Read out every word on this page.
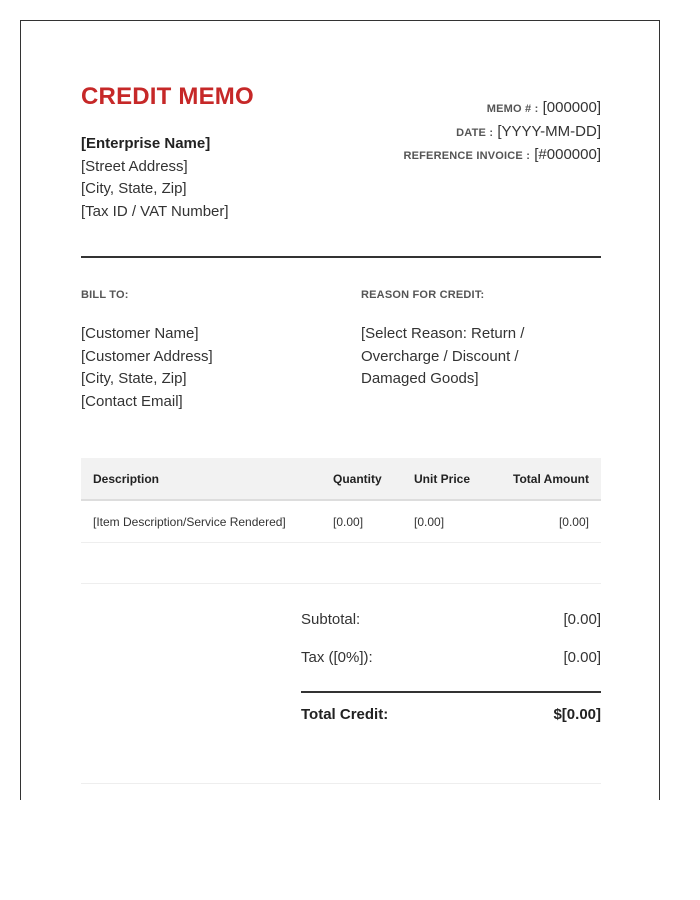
CREDIT MEMO
[Enterprise Name]
[Street Address]
[City, State, Zip]
[Tax ID / VAT Number]
MEMO # : [000000]
DATE : [YYYY-MM-DD]
REFERENCE INVOICE : [#000000]
BILL TO:
[Customer Name]
[Customer Address]
[City, State, Zip]
[Contact Email]
REASON FOR CREDIT:
[Select Reason: Return /
Overcharge / Discount /
Damaged Goods]
Description	Quantity	Unit Price	Total Amount
[Item Description/Service Rendered]	[0.00]	[0.00]	[0.00]
Subtotal:	[0.00]
Tax ([0%]):	[0.00]
Total Credit:	$[0.00]
